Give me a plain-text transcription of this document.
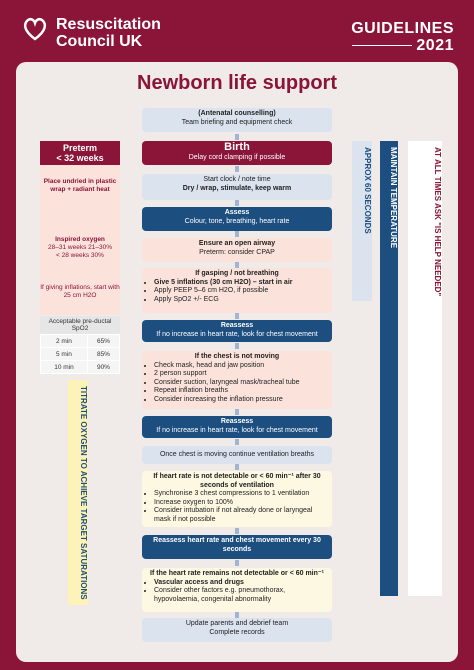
Resuscitation
Council UK
GUIDELINES
2021
Newborn life support
APPROX 60 SECONDS	MAINTAIN TEMPERATURE	AT ALL TIMES ASK "IS HELP NEEDED"
Preterm
< 32 weeks
Place undried in plastic wrap + radiant heat
Inspired oxygen
28–31 weeks 21–30%
< 28 weeks 30%
If giving inflations, start with 25 cm H2O
Acceptable pre-ductal SpO2
2 min	65%
5 min	85%
10 min	90%
TITRATE OXYGEN TO ACHIEVE TARGET SATURATIONS
(Antenatal counselling)
Team briefing and equipment check
Birth
Delay cord clamping if possible
Start clock / note time
Dry / wrap, stimulate, keep warm
Assess
Colour, tone, breathing, heart rate
Ensure an open airway
Preterm: consider CPAP
If gasping / not breathing
• Give 5 inflations (30 cm H2O) – start in air
• Apply PEEP 5–6 cm H2O, if possible
• Apply SpO2 +/- ECG
Reassess
If no increase in heart rate, look for chest movement
If the chest is not moving
• Check mask, head and jaw position
• 2 person support
• Consider suction, laryngeal mask/tracheal tube
• Repeat inflation breaths
• Consider increasing the inflation pressure
Reassess
If no increase in heart rate, look for chest movement
Once chest is moving continue ventilation breaths
If heart rate is not detectable or < 60 min⁻¹ after 30 seconds of ventilation
• Synchronise 3 chest compressions to 1 ventilation
• Increase oxygen to 100%
• Consider intubation if not already done or laryngeal mask if not possible
Reassess heart rate and chest movement every 30 seconds
If the heart rate remains not detectable or < 60 min⁻¹
• Vascular access and drugs
• Consider other factors e.g. pneumothorax, hypovolaemia, congenital abnormality
Update parents and debrief team
Complete records
